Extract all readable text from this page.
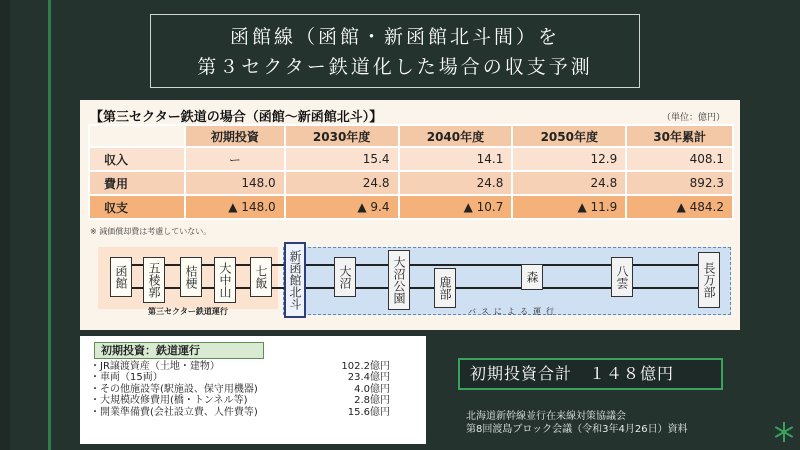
函館線（函館・新函館北斗間）を
第３セクター鉄道化した場合の収支予測
【第三セクター鉄道の場合（函館～新函館北斗）】	（単位：億円）
	初期投資	2030年度	2040年度	2050年度	30年累計
収入	ー	15.4	14.1	12.9	408.1
費用	148.0	24.8	24.8	24.8	892.3
収支	▲ 148.0	▲ 9.4	▲ 10.7	▲ 11.9	▲ 484.2
※ 減価償却費は考慮していない。
函館	五稜郭	桔梗	大中山	七飯	新函館北斗	大沼	大沼公園	鹿部	森	八雲	長万部
第三セクター鉄道運行	バスによる運行
初期投資：鉄道運行
・JR譲渡資産（土地・建物）	102.2億円
・車両（15両）	23.4億円
・その他施設等(駅施設、保守用機器)	4.0億円
・大規模改修費用(橋・トンネル等)	2.8億円
・開業準備費(会社設立費、人件費等)	15.6億円
初期投資合計　１４８億円
北海道新幹線並行在来線対策協議会
第8回渡島ブロック会議（令和3年4月26日）資料
